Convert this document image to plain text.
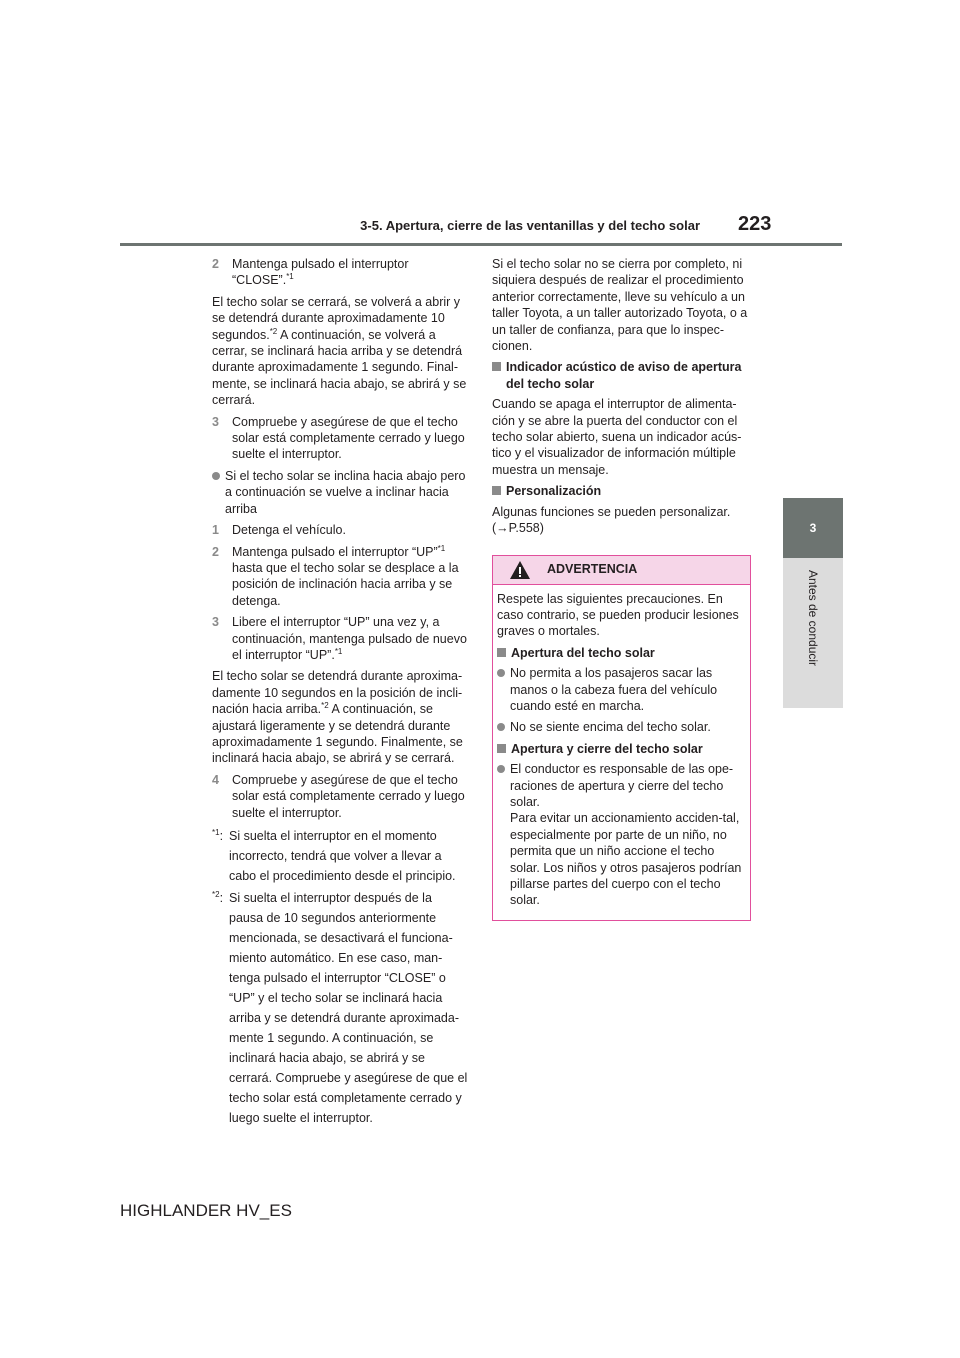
3-5. Apertura, cierre de las ventanillas y del techo solar 223
3
Antes de conducir
2	Mantenga pulsado el interruptor “CLOSE”.$^{*1}$
El techo solar se cerrará, se volverá a abrir y se detendrá durante aproximadamente 10 segundos.$^{*2}$ A continuación, se volverá a cerrar, se inclinará hacia arriba y se detendrá durante aproximadamente 1 segundo. Final-mente, se inclinará hacia abajo, se abrirá y se cerrará.
3	Compruebe y asegúrese de que el techo solar está completamente cerrado y luego suelte el interruptor.
Si el techo solar se inclina hacia abajo pero a continuación se vuelve a inclinar hacia arriba
1	Detenga el vehículo.
2	Mantenga pulsado el interruptor “UP”$^{*1}$ hasta que el techo solar se desplace a la posición de inclinación hacia arriba y se detenga.
3	Libere el interruptor “UP” una vez y, a continuación, mantenga pulsado de nuevo el interruptor “UP”.$^{*1}$
El techo solar se detendrá durante aproxima-damente 10 segundos en la posición de incli-nación hacia arriba.$^{*2}$ A continuación, se ajustará ligeramente y se detendrá durante aproximadamente 1 segundo. Finalmente, se inclinará hacia abajo, se abrirá y se cerrará.
4	Compruebe y asegúrese de que el techo solar está completamente cerrado y luego suelte el interruptor.
$^{*1}$: Si suelta el interruptor en el momento incorrecto, tendrá que volver a llevar a cabo el procedimiento desde el principio.
$^{*2}$: Si suelta el interruptor después de la pausa de 10 segundos anteriormente mencionada, se desactivará el funciona-miento automático. En ese caso, man-tenga pulsado el interruptor “CLOSE” o “UP” y el techo solar se inclinará hacia arriba y se detendrá durante aproximada-mente 1 segundo. A continuación, se inclinará hacia abajo, se abrirá y se cerrará. Compruebe y asegúrese de que el techo solar está completamente cerrado y luego suelte el interruptor.
Si el techo solar no se cierra por completo, ni siquiera después de realizar el procedimiento anterior correctamente, lleve su vehículo a un taller Toyota, a un taller autorizado Toyota, o a un taller de confianza, para que lo inspec-cionen.
Indicador acústico de aviso de apertura del techo solar
Cuando se apaga el interruptor de alimenta-ción y se abre la puerta del conductor con el techo solar abierto, suena un indicador acús-tico y el visualizador de información múltiple muestra un mensaje.
Personalización
Algunas funciones se pueden personalizar. (→P.558)
ADVERTENCIA
Respete las siguientes precauciones. En caso contrario, se pueden producir lesiones graves o mortales.
Apertura del techo solar
No permita a los pasajeros sacar las manos o la cabeza fuera del vehículo cuando esté en marcha.
No se siente encima del techo solar.
Apertura y cierre del techo solar
El conductor es responsable de las ope-raciones de apertura y cierre del techo solar.
Para evitar un accionamiento acciden-tal, especialmente por parte de un niño, no permita que un niño accione el techo solar. Los niños y otros pasajeros podrían pillarse partes del cuerpo con el techo solar.
HIGHLANDER HV_ES
